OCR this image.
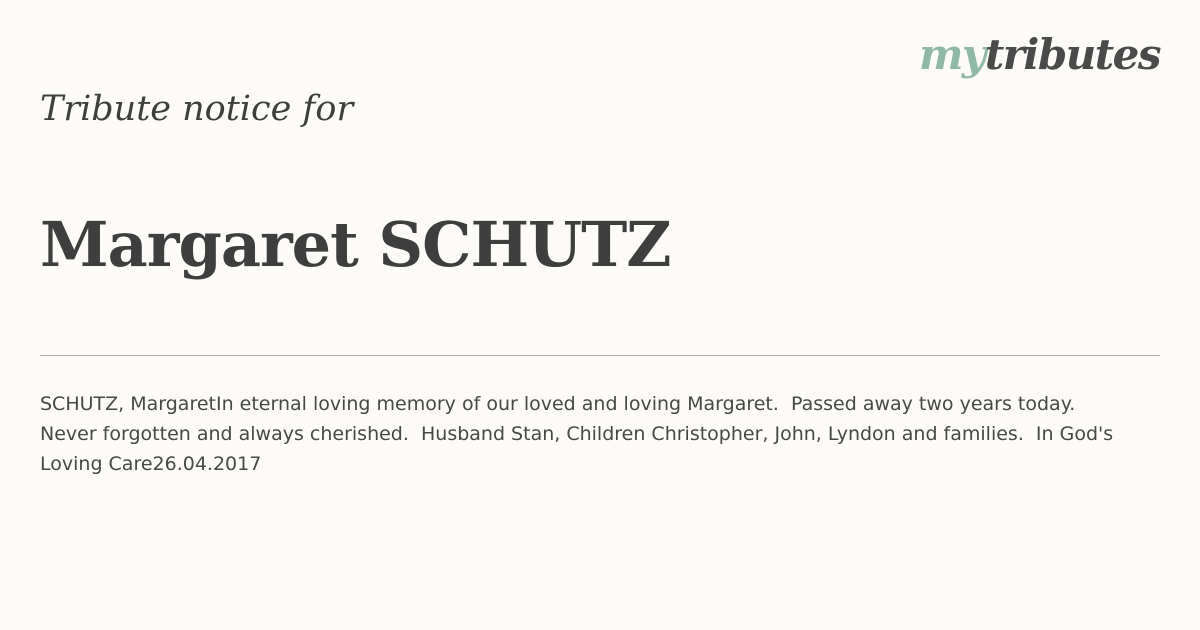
mytributes

Tribute notice for

Margaret SCHUTZ

SCHUTZ, MargaretIn eternal loving memory of our loved and loving Margaret.  Passed away two years today. Never forgotten and always cherished.  Husband Stan, Children Christopher, John, Lyndon and families.  In God's Loving Care26.04.2017
